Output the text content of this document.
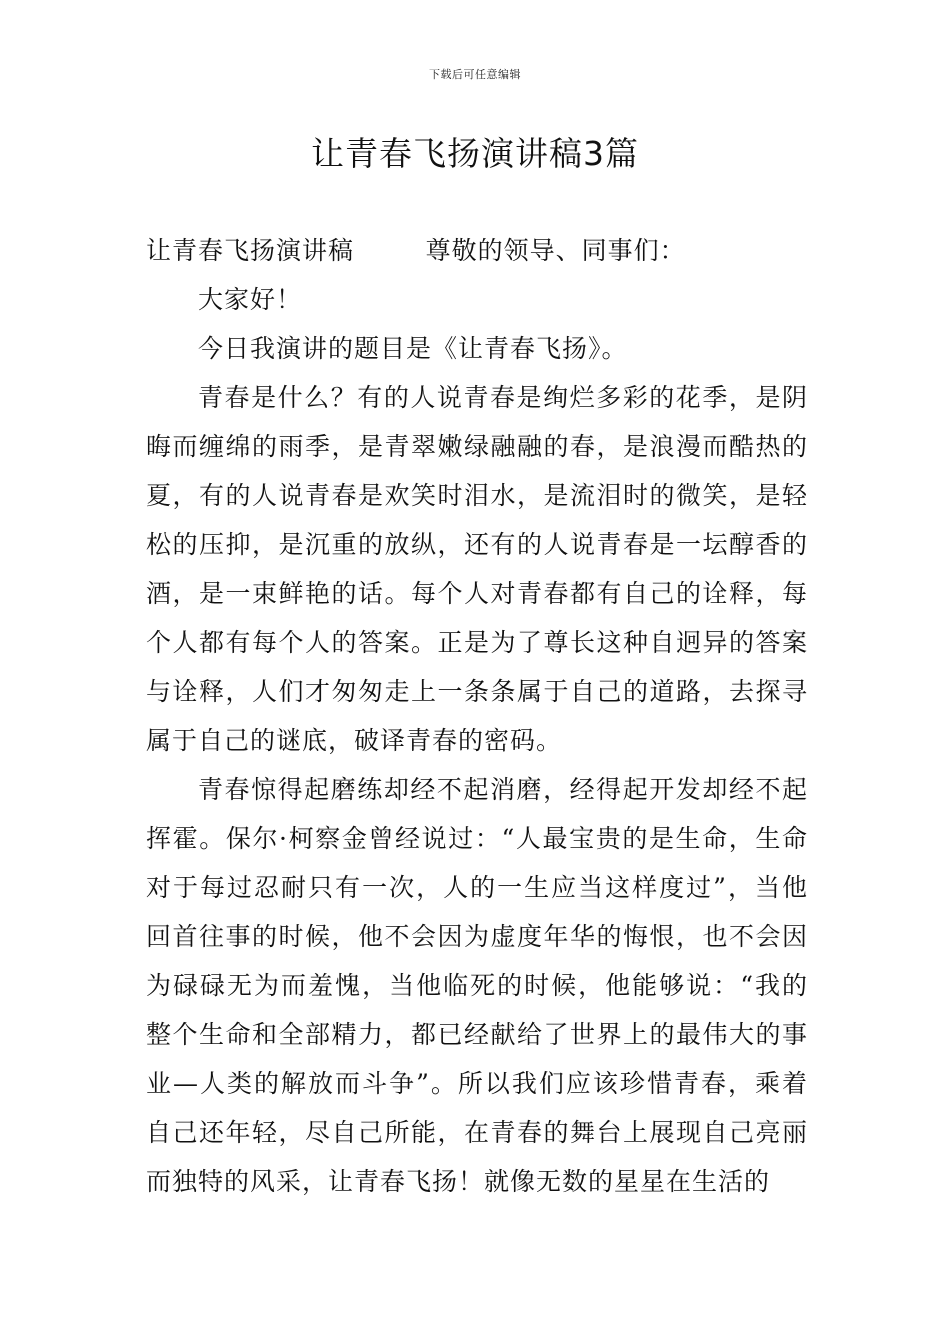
下载后可任意编辑
让青春飞扬演讲稿3篇

让青春飞扬演讲稿	尊敬的领导、同事们：

大家好！

今日我演讲的题目是《让青春飞扬》。

青春是什么？有的人说青春是绚烂多彩的花季，是阴晦而缠绵的雨季，是青翠嫩绿融融的春，是浪漫而酷热的夏，有的人说青春是欢笑时泪水，是流泪时的微笑，是轻松的压抑，是沉重的放纵，还有的人说青春是一坛醇香的酒，是一束鲜艳的话。每个人对青春都有自己的诠释，每个人都有每个人的答案。正是为了尊长这种自迥异的答案与诠释，人们才匆匆走上一条条属于自己的道路，去探寻属于自己的谜底，破译青春的密码。

青春惊得起磨练却经不起消磨，经得起开发却经不起挥霍。保尔·柯察金曾经说过：“人最宝贵的是生命，生命对于每过忍耐只有一次，人的一生应当这样度过”，当他回首往事的时候，他不会因为虚度年华的悔恨，也不会因为碌碌无为而羞愧，当他临死的时候，他能够说：“我的整个生命和全部精力，都已经献给了世界上的最伟大的事业—人类的解放而斗争”。所以我们应该珍惜青春，乘着自己还年轻，尽自己所能，在青春的舞台上展现自己亮丽而独特的风采，让青春飞扬！就像无数的星星在生活的
